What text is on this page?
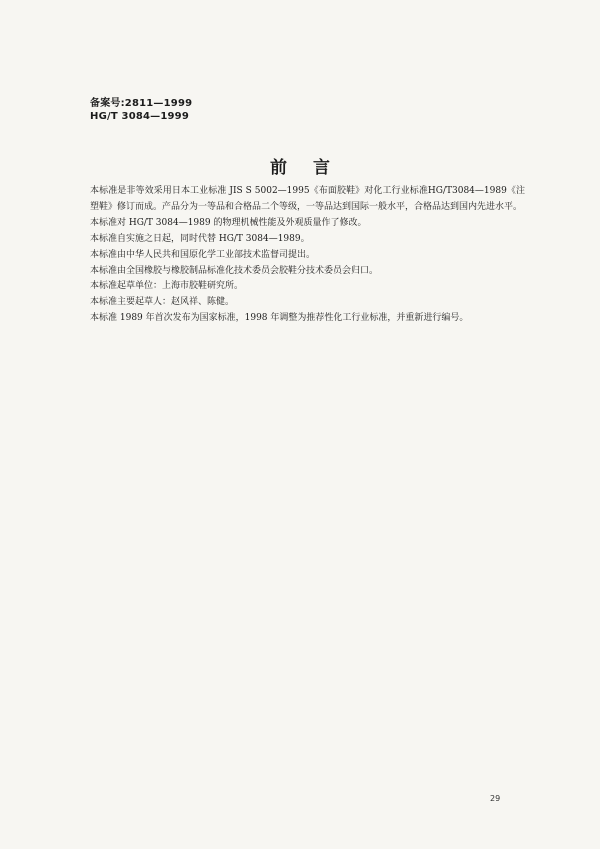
备案号:2811—1999
HG/T 3084—1999
前言

本标准是非等效采用日本工业标准 JIS S 5002—1995《布面胶鞋》对化工行业标准HG/T3084—1989《注塑鞋》修订而成。产品分为一等品和合格品二个等级，一等品达到国际一般水平，合格品达到国内先进水平。

本标准对 HG/T 3084—1989 的物理机械性能及外观质量作了修改。

本标准自实施之日起，同时代替 HG/T 3084—1989。

本标准由中华人民共和国原化学工业部技术监督司提出。

本标准由全国橡胶与橡胶制品标准化技术委员会胶鞋分技术委员会归口。

本标准起草单位：上海市胶鞋研究所。

本标准主要起草人：赵风祥、陈健。

本标准 1989 年首次发布为国家标准，1998 年调整为推荐性化工行业标准，并重新进行编号。

29
